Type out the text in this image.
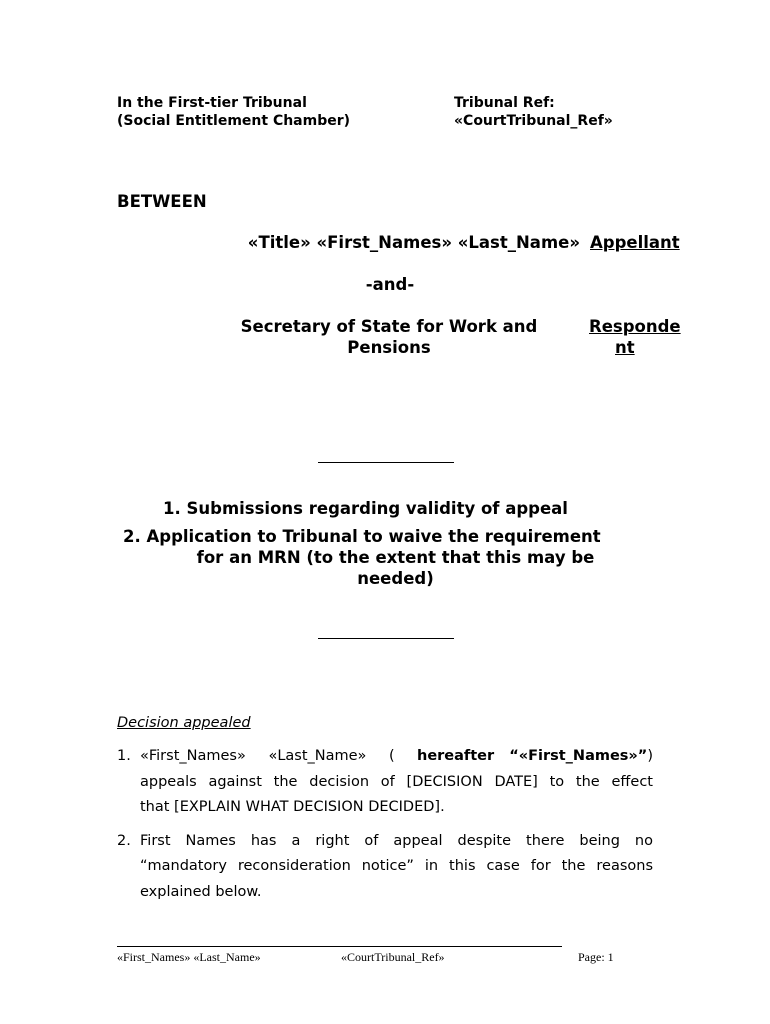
In the First-tier Tribunal
(Social Entitlement Chamber)
Tribunal Ref:
«CourtTribunal_Ref»
BETWEEN
«Title» «First_Names» «Last_Name» Appellant
-and-
Secretary of State for Work and
Pensions
Responde
nt
1. Submissions regarding validity of appeal
2. Application to Tribunal to waive the requirement
for an MRN (to the extent that this may be
needed)
Decision appealed
1. «First_Names» «Last_Name» ( hereafter “«First_Names»”)
appeals against the decision of [DECISION DATE] to the effect
that [EXPLAIN WHAT DECISION DECIDED].
2. First Names has a right of appeal despite there being no
“mandatory reconsideration notice” in this case for the reasons
explained below.
«First_Names» «Last_Name»	«CourtTribunal_Ref»	Page: 1
